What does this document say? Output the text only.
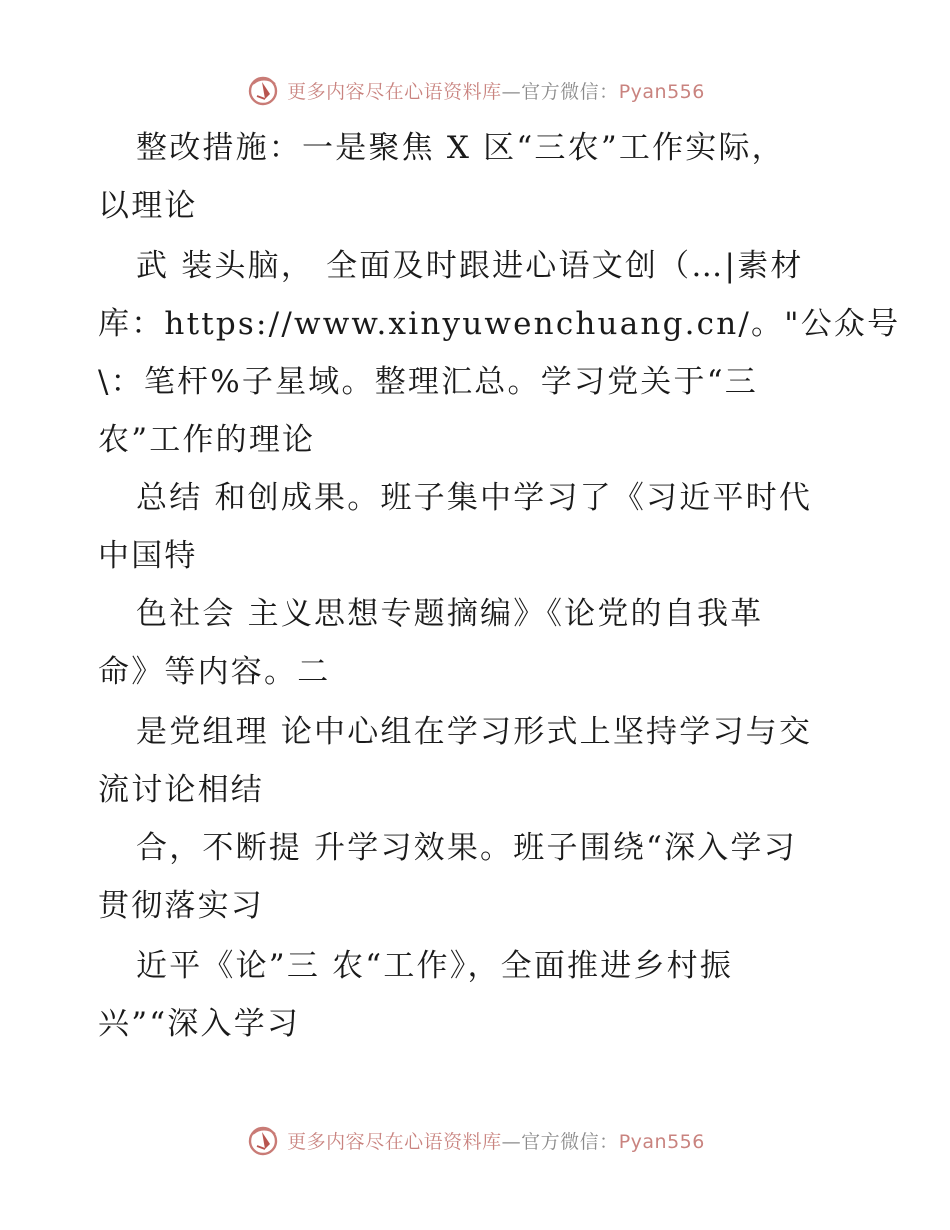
更多内容尽在心语资料库—官方微信：Pyan556
整改措施：一是聚焦 X 区“三农”工作实际，
以理论
武 装头脑， 全面及时跟进心语文创（…|素材
库：https://www.xinyuwenchuang.cn/。"公众号
\：笔杆%子星域。整理汇总。学习党关于“三
农”工作的理论
总结 和创成果。班子集中学习了《习近平时代
中国特
色社会 主义思想专题摘编》《论党的自我革
命》等内容。二
是党组理 论中心组在学习形式上坚持学习与交
流讨论相结
合，不断提 升学习效果。班子围绕“深入学习
贯彻落实习
近平《论”三 农“工作》，全面推进乡村振
兴”“深入学习
更多内容尽在心语资料库—官方微信：Pyan556
